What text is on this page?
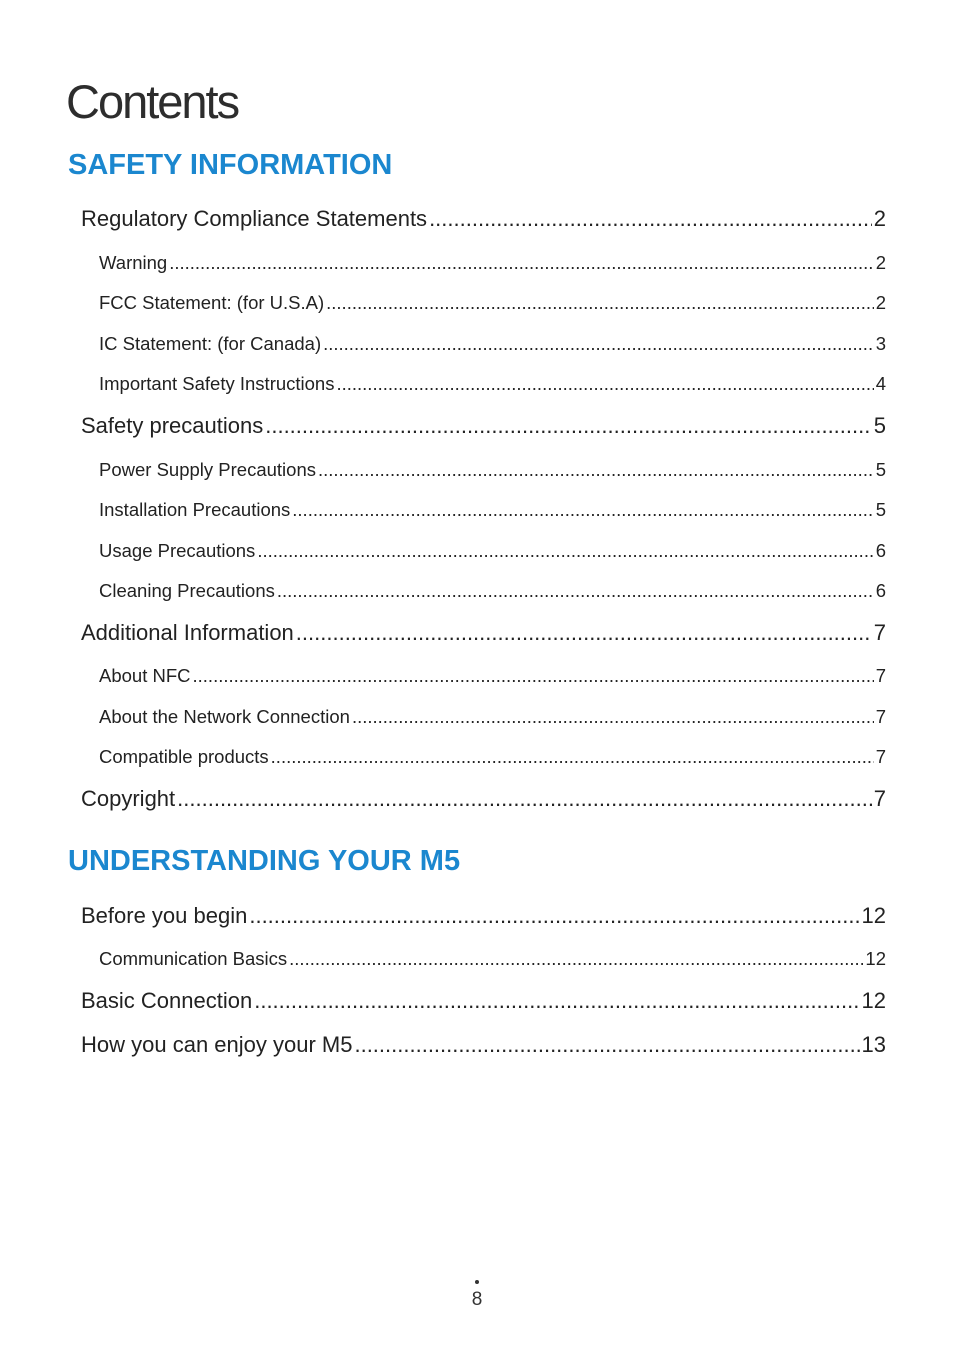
Contents
SAFETY INFORMATION
Regulatory Compliance Statements .....	2
Warning .....	2
FCC Statement: (for U.S.A) .....	2
IC Statement: (for Canada) .....	3
Important Safety Instructions .....	4
Safety precautions .....	5
Power Supply Precautions .....	5
Installation Precautions .....	5
Usage Precautions .....	6
Cleaning Precautions .....	6
Additional Information .....	7
About NFC .....	7
About the Network Connection .....	7
Compatible products .....	7
Copyright .....	7
UNDERSTANDING YOUR M5
Before you begin .....	12
Communication Basics .....	12
Basic Connection .....	12
How you can enjoy your M5 .....	13
8
